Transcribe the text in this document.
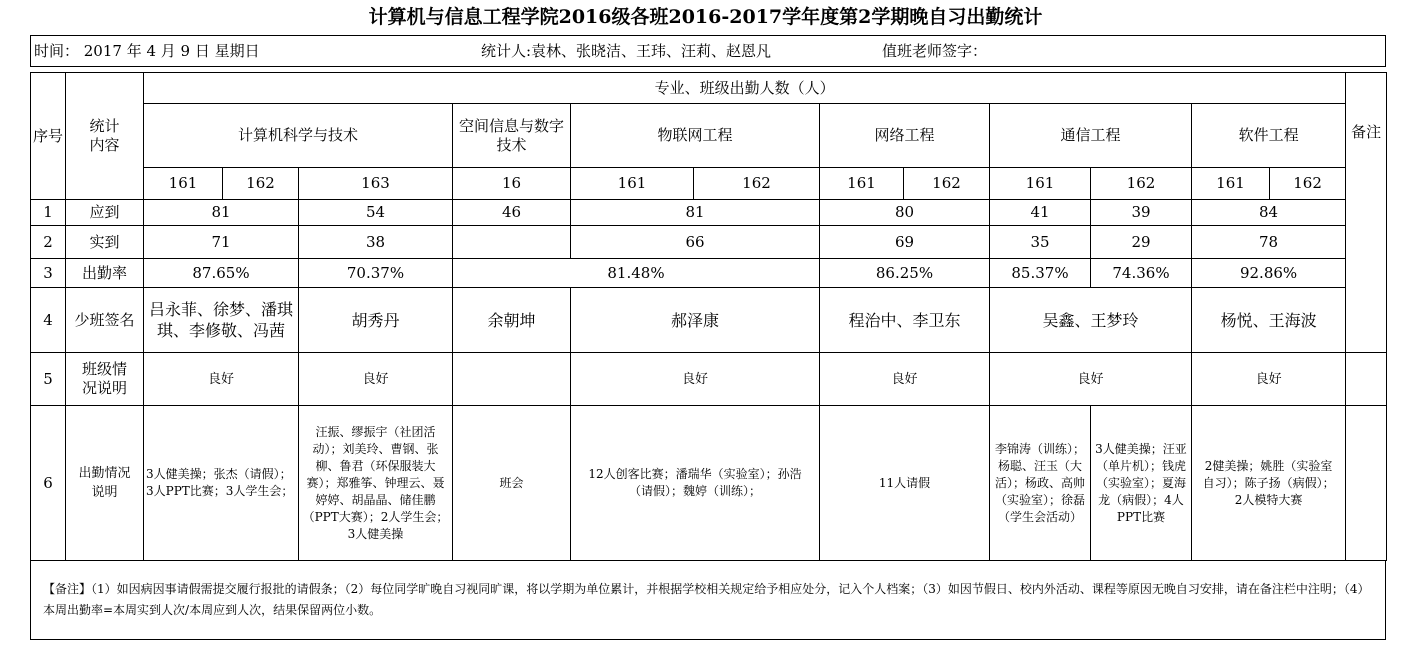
计算机与信息工程学院2016级各班2016-2017学年度第2学期晚自习出勤统计
时间： 2017 年 4 月 9 日 星期日	统计人:袁林、张晓洁、王玮、汪莉、赵恩凡	值班老师签字：
序号	统计内容	专业、班级出勤人数（人）												备注
		计算机科学与技术			空间信息与数字技术	物联网工程		网络工程		通信工程		软件工程		
		161	162	163	16	161	162	161	162	161	162	161	162	
1	应到	81		54	46	81		80		41	39	84		
2	实到	71		38		66		69		35	29	78		
3	出勤率	87.65%		70.37%	81.48%			86.25%		85.37%	74.36%	92.86%		
4	少班签名	吕永菲、徐梦、潘琪琪、李修敬、冯茜		胡秀丹	余朝坤	郝泽康		程治中、李卫东		吴鑫、王梦玲		杨悦、王海波		
5	班级情况说明	良好		良好		良好		良好		良好		良好		
6	出勤情况说明	3人健美操；张杰（请假）；3人PPT比赛；3人学生会；		汪振、缪振宇（社团活动）；刘美玲、曹钢、张柳、鲁君（环保服装大赛）；郑雅筝、钟理云、聂婷婷、胡晶晶、储佳鹏（PPT大赛）；2人学生会；3人健美操	班会	12人创客比赛；潘瑞华（实验室）；孙浩（请假）；魏婷（训练）；		11人请假		李锦涛（训练）；杨聪、汪玉（大活）；杨政、高帅（实验室）；徐磊（学生会活动）	3人健美操；汪亚（单片机）；钱虎（实验室）；夏海龙（病假）；4人PPT比赛	2健美操；姚胜（实验室自习）；陈子扬（病假）；2人模特大赛		
【备注】（1）如因病因事请假需提交履行报批的请假条；（2）每位同学旷晚自习视同旷课，将以学期为单位累计，并根据学校相关规定给予相应处分，记入个人档案；（3）如因节假日、校内外活动、课程等原因无晚自习安排，请在备注栏中注明；（4）本周出勤率=本周实到人次/本周应到人次，结果保留两位小数。
